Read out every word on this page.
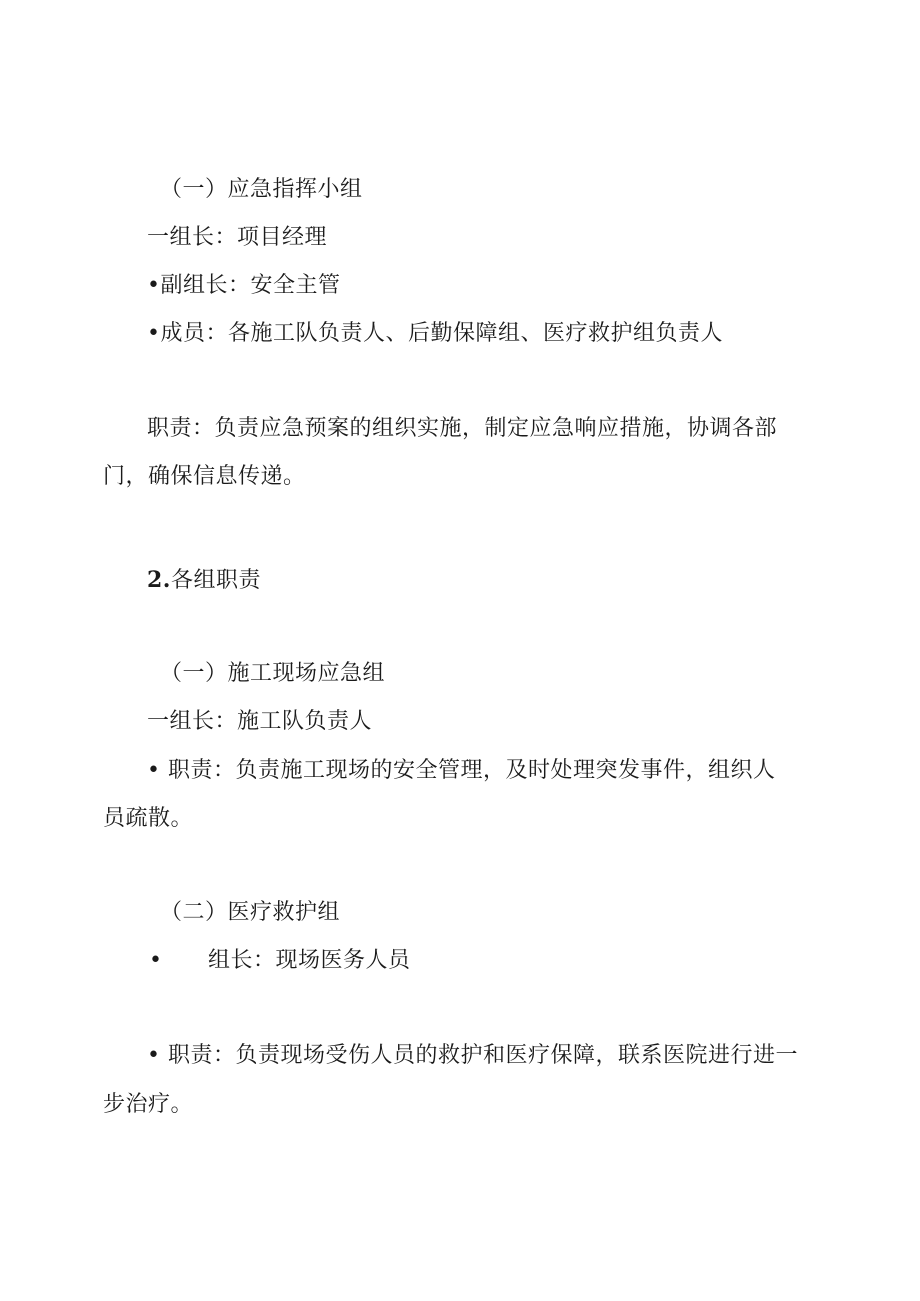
（一）应急指挥小组
一组长：项目经理
•副组长：安全主管
•成员：各施工队负责人、后勤保障组、医疗救护组负责人
职责：负责应急预案的组织实施，制定应急响应措施，协调各部
门，确保信息传递。
2.各组职责
（一）施工现场应急组
一组长：施工队负责人
• 职责：负责施工现场的安全管理，及时处理突发事件，组织人
员疏散。
（二）医疗救护组
• 组长：现场医务人员
• 职责：负责现场受伤人员的救护和医疗保障，联系医院进行进一
步治疗。
